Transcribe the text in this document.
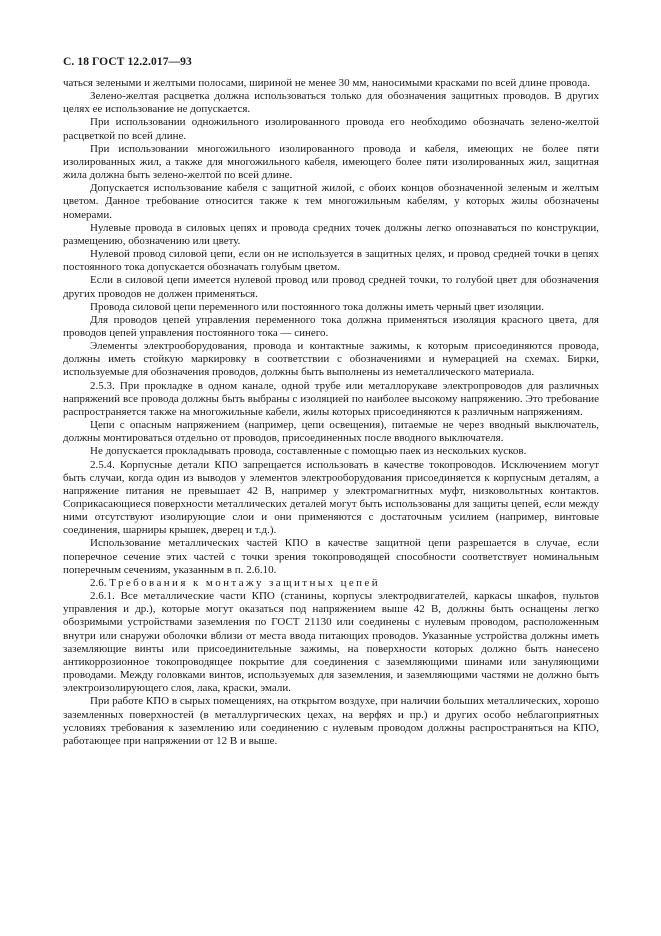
С. 18 ГОСТ 12.2.017—93

чаться зелеными и желтыми полосами, шириной не менее 30 мм, наносимыми красками по всей длине провода.

Зелено-желтая расцветка должна использоваться только для обозначения защитных проводов. В других целях ее использование не допускается.

При использовании одножильного изолированного провода его необходимо обозначать зелено-желтой расцветкой по всей длине.

При использовании многожильного изолированного провода и кабеля, имеющих не более пяти изолированных жил, а также для многожильного кабеля, имеющего более пяти изолированных жил, защитная жила должна быть зелено-желтой по всей длине.

Допускается использование кабеля с защитной жилой, с обоих концов обозначенной зеленым и желтым цветом. Данное требование относится также к тем многожильным кабелям, у которых жилы обозначены номерами.

Нулевые провода в силовых цепях и провода средних точек должны легко опознаваться по конструкции, размещению, обозначению или цвету.

Нулевой провод силовой цепи, если он не используется в защитных целях, и провод средней точки в цепях постоянного тока допускается обозначать голубым цветом.

Если в силовой цепи имеется нулевой провод или провод средней точки, то голубой цвет для обозначения других проводов не должен применяться.

Провода силовой цепи переменного или постоянного тока должны иметь черный цвет изоляции.

Для проводов цепей управления переменного тока должна применяться изоляция красного цвета, для проводов цепей управления постоянного тока — синего.

Элементы электрооборудования, провода и контактные зажимы, к которым присоединяются провода, должны иметь стойкую маркировку в соответствии с обозначениями и нумерацией на схемах. Бирки, используемые для обозначения проводов, должны быть выполнены из неметаллического материала.

2.5.3. При прокладке в одном канале, одной трубе или металлорукаве электропроводов для различных напряжений все провода должны быть выбраны с изоляцией по наиболее высокому напряжению. Это требование распространяется также на многожильные кабели, жилы которых присоединяются к различным напряжениям.

Цепи с опасным напряжением (например, цепи освещения), питаемые не через вводный выключатель, должны монтироваться отдельно от проводов, присоединенных после вводного выключателя.

Не допускается прокладывать провода, составленные с помощью паек из нескольких кусков.

2.5.4. Корпусные детали КПО запрещается использовать в качестве токопроводов. Исключением могут быть случаи, когда один из выводов у элементов электрооборудования присоединяется к корпусным деталям, а напряжение питания не превышает 42 В, например у электромагнитных муфт, низковольтных контактов. Соприкасающиеся поверхности металлических деталей могут быть использованы для защиты цепей, если между ними отсутствуют изолирующие слои и они применяются с достаточным усилием (например, винтовые соединения, шарниры крышек, дверец и т.д.).

Использование металлических частей КПО в качестве защитной цепи разрешается в случае, если поперечное сечение этих частей с точки зрения токопроводящей способности соответствует номинальным поперечным сечениям, указанным в п. 2.6.10.

2.6. Требования к монтажу защитных цепей

2.6.1. Все металлические части КПО (станины, корпусы электродвигателей, каркасы шкафов, пультов управления и др.), которые могут оказаться под напряжением выше 42 В, должны быть оснащены легко обозримыми устройствами заземления по ГОСТ 21130 или соединены с нулевым проводом, расположенным внутри или снаружи оболочки вблизи от места ввода питающих проводов. Указанные устройства должны иметь заземляющие винты или присоединительные зажимы, на поверхности которых должно быть нанесено антикоррозионное токопроводящее покрытие для соединения с заземляющими шинами или зануляющими проводами. Между головками винтов, используемых для заземления, и заземляющими частями не должно быть электроизолирующего слоя, лака, краски, эмали.

При работе КПО в сырых помещениях, на открытом воздухе, при наличии больших металлических, хорошо заземленных поверхностей (в металлургических цехах, на верфях и пр.) и других особо неблагоприятных условиях требования к заземлению или соединению с нулевым проводом должны распространяться на КПО, работающее при напряжении от 12 В и выше.
